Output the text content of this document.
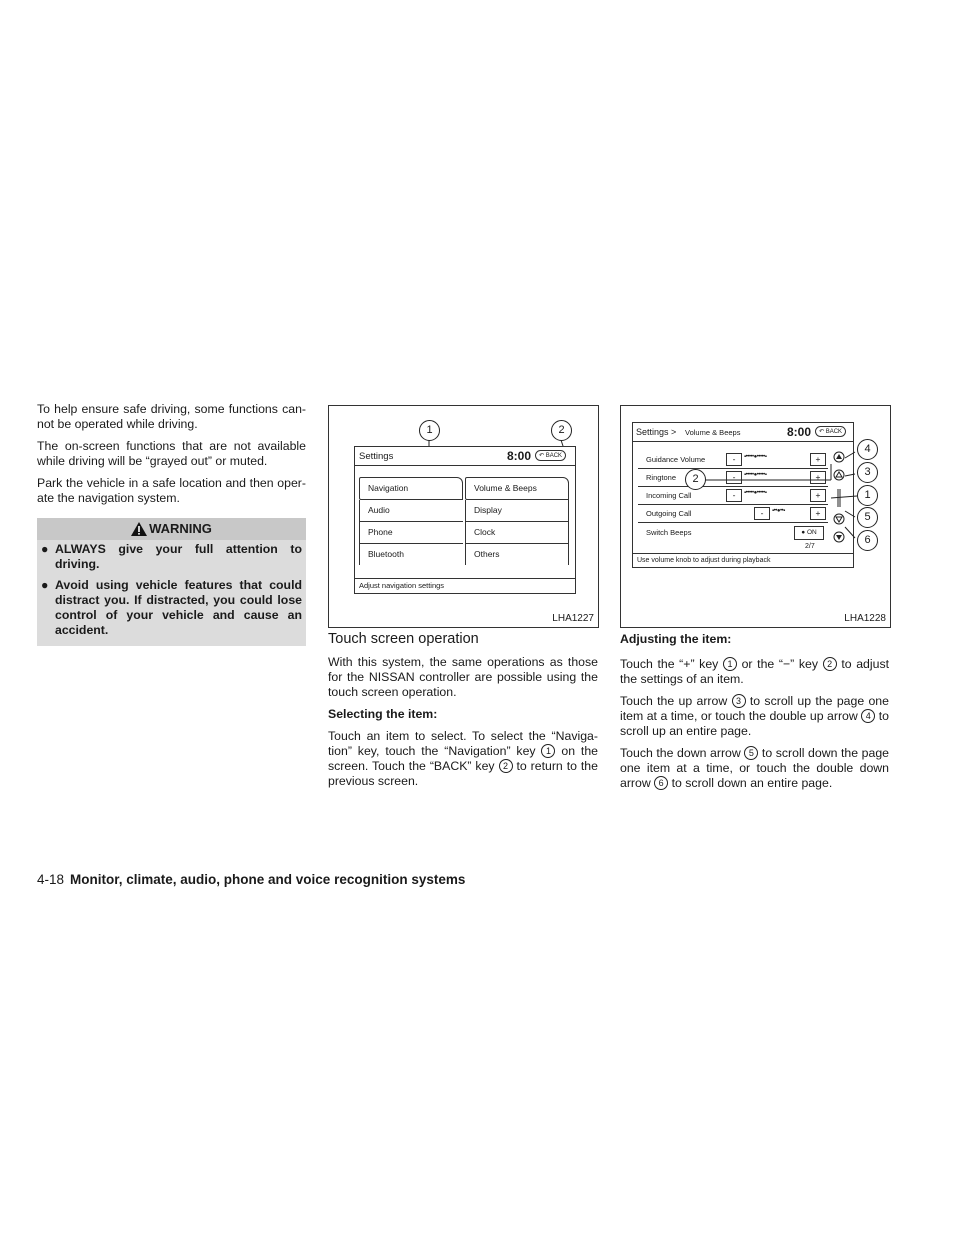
To help ensure safe driving, some functions can-not be operated while driving.

The on-screen functions that are not available while driving will be “grayed out” or muted.

Park the vehicle in a safe location and then oper-ate the navigation system.

WARNING
● ALWAYS give your full attention to driving.
● Avoid using vehicle features that could distract you. If distracted, you could lose control of your vehicle and cause an accident.
1	2
Settings	8:00	↶ BACK
Navigation
Audio
Phone
Bluetooth
Volume & Beeps
Display
Clock
Others
Adjust navigation settings
LHA1227
Settings > Volume & Beeps	8:00	↶ BACK
Guidance Volume	-	▪•••••●•••••▪	+
Ringtone	-	▪•••••●•••••▪	+
Incoming Call	-	▪•••••●•••••▪	+
Outgoing Call	-	▪••●••▪	+
Switch Beeps	● ON
2/7
Use volume knob to adjust during playback
4
3
2
1
5
6
LHA1228
Touch screen operation

With this system, the same operations as those for the NISSAN controller are possible using the touch screen operation.

Selecting the item:

Touch an item to select. To select the “Naviga-tion” key, touch the “Navigation” key 1 on the screen. Touch the “BACK” key 2 to return to the previous screen.

Adjusting the item:

Touch the “+” key 1 or the “−” key 2 to adjust the settings of an item.

Touch the up arrow 3 to scroll up the page one item at a time, or touch the double up arrow 4 to scroll up an entire page.

Touch the down arrow 5 to scroll down the page one item at a time, or touch the double down arrow 6 to scroll down an entire page.

4-18 Monitor, climate, audio, phone and voice recognition systems
